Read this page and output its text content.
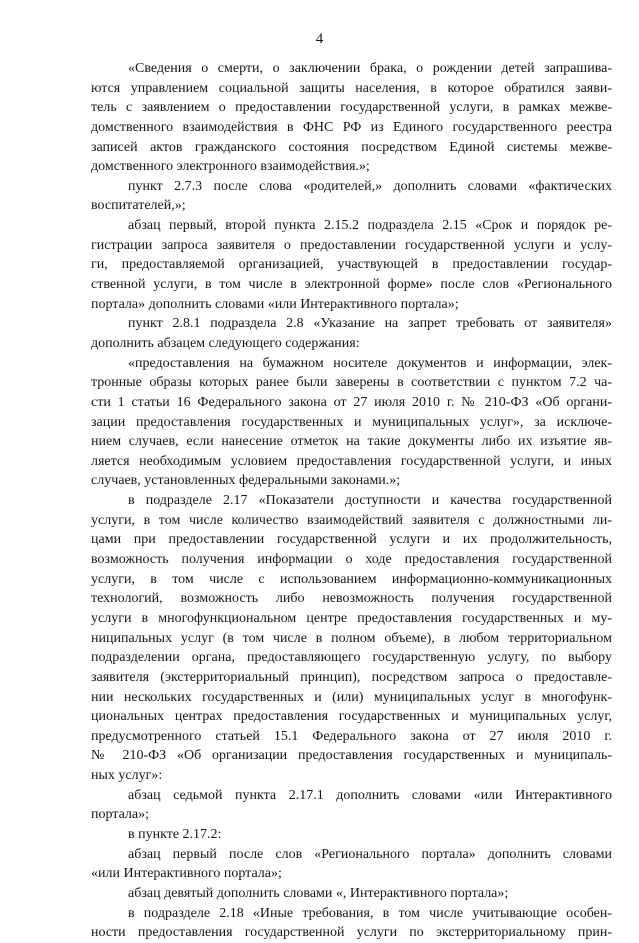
4
«Сведения о смерти, о заключении брака, о рождении детей запрашива-
ются управлением социальной защиты населения, в которое обратился заяви-
тель с заявлением о предоставлении государственной услуги, в рамках межве-
домственного взаимодействия в ФНС РФ из Единого государственного реестра
записей актов гражданского состояния посредством Единой системы межве-
домственного электронного взаимодействия.»;
пункт 2.7.3 после слова «родителей,» дополнить словами «фактических
воспитателей,»;
абзац первый, второй пункта 2.15.2 подраздела 2.15 «Срок и порядок ре-
гистрации запроса заявителя о предоставлении государственной услуги и услу-
ги, предоставляемой организацией, участвующей в предоставлении государ-
ственной услуги, в том числе в электронной форме» после слов «Регионального
портала» дополнить словами «или Интерактивного портала»;
пункт 2.8.1 подраздела 2.8 «Указание на запрет требовать от заявителя»
дополнить абзацем следующего содержания:
«предоставления на бумажном носителе документов и информации, элек-
тронные образы которых ранее были заверены в соответствии с пунктом 7.2 ча-
сти 1 статьи 16 Федерального закона от 27 июля 2010 г. № 210-ФЗ «Об органи-
зации предоставления государственных и муниципальных услуг», за исключе-
нием случаев, если нанесение отметок на такие документы либо их изъятие яв-
ляется необходимым условием предоставления государственной услуги, и иных
случаев, установленных федеральными законами.»;
в подразделе 2.17 «Показатели доступности и качества государственной
услуги, в том числе количество взаимодействий заявителя с должностными ли-
цами при предоставлении государственной услуги и их продолжительность,
возможность получения информации о ходе предоставления государственной
услуги, в том числе с использованием информационно-коммуникационных
технологий, возможность либо невозможность получения государственной
услуги в многофункциональном центре предоставления государственных и му-
ниципальных услуг (в том числе в полном объеме), в любом территориальном
подразделении органа, предоставляющего государственную услугу, по выбору
заявителя (экстерриториальный принцип), посредством запроса о предоставле-
нии нескольких государственных и (или) муниципальных услуг в многофунк-
циональных центрах предоставления государственных и муниципальных услуг,
предусмотренного статьей 15.1 Федерального закона от 27 июля 2010 г.
№ 210-ФЗ «Об организации предоставления государственных и муниципаль-
ных услуг»:
абзац седьмой пункта 2.17.1 дополнить словами «или Интерактивного
портала»;
в пункте 2.17.2:
абзац первый после слов «Регионального портала» дополнить словами
«или Интерактивного портала»;
абзац девятый дополнить словами «, Интерактивного портала»;
в подразделе 2.18 «Иные требования, в том числе учитывающие особен-
ности предоставления государственной услуги по экстерриториальному прин-
